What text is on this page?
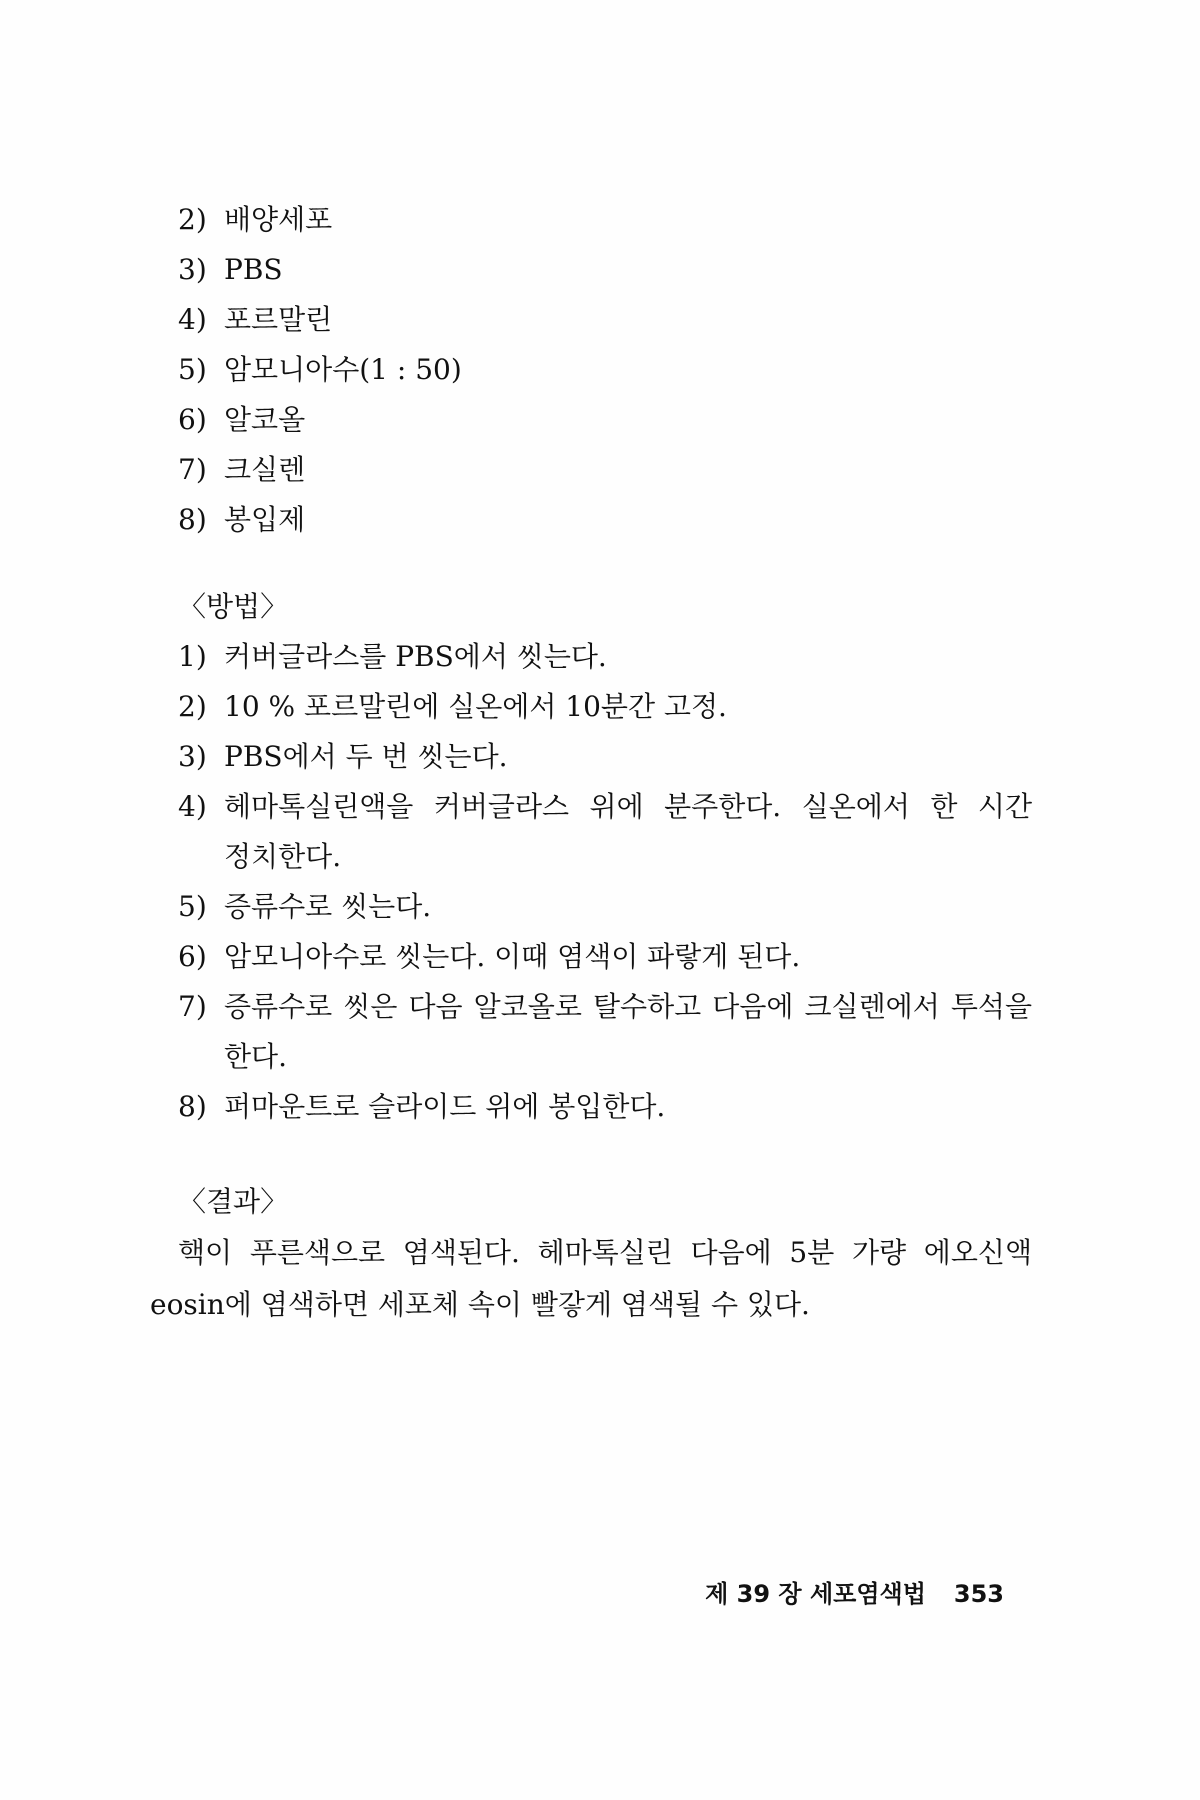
2) 배양세포
3) PBS
4) 포르말린
5) 암모니아수(1 : 50)
6) 알코올
7) 크실렌
8) 봉입제
〈방법〉
1) 커버글라스를 PBS에서 씻는다.
2) 10 % 포르말린에 실온에서 10분간 고정.
3) PBS에서 두 번 씻는다.
4) 헤마톡실린액을 커버글라스 위에 분주한다. 실온에서 한 시간 정치한다.
5) 증류수로 씻는다.
6) 암모니아수로 씻는다. 이때 염색이 파랗게 된다.
7) 증류수로 씻은 다음 알코올로 탈수하고 다음에 크실렌에서 투석을 한다.
8) 퍼마운트로 슬라이드 위에 봉입한다.
〈결과〉
핵이 푸른색으로 염색된다. 헤마톡실린 다음에 5분 가량 에오신액 eosin에 염색하면 세포체 속이 빨갛게 염색될 수 있다.
제 39 장 세포염색법 353
